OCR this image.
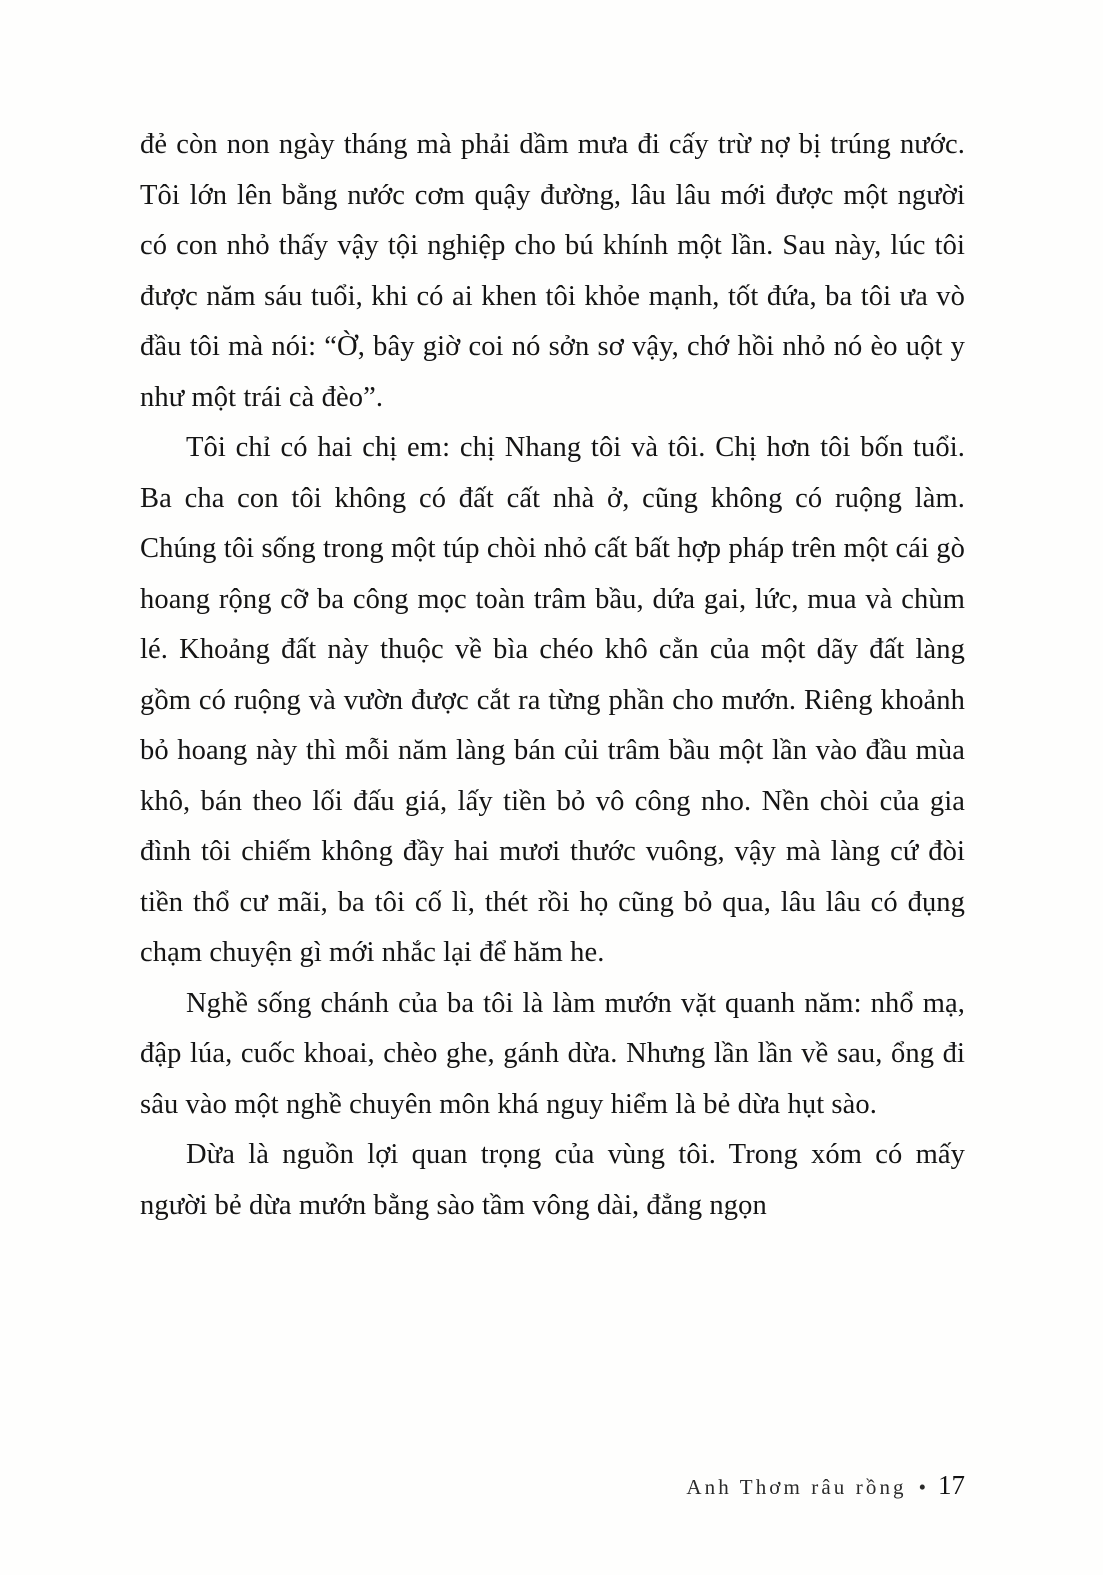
đẻ còn non ngày tháng mà phải dầm mưa đi cấy trừ nợ bị trúng nước. Tôi lớn lên bằng nước cơm quậy đường, lâu lâu mới được một người có con nhỏ thấy vậy tội nghiệp cho bú khính một lần. Sau này, lúc tôi được năm sáu tuổi, khi có ai khen tôi khỏe mạnh, tốt đứa, ba tôi ưa vò đầu tôi mà nói: “Ờ, bây giờ coi nó sởn sơ vậy, chớ hồi nhỏ nó èo uột y như một trái cà đèo”.

Tôi chỉ có hai chị em: chị Nhang tôi và tôi. Chị hơn tôi bốn tuổi. Ba cha con tôi không có đất cất nhà ở, cũng không có ruộng làm. Chúng tôi sống trong một túp chòi nhỏ cất bất hợp pháp trên một cái gò hoang rộng cỡ ba công mọc toàn trâm bầu, dứa gai, lức, mua và chùm lé. Khoảng đất này thuộc về bìa chéo khô cằn của một dãy đất làng gồm có ruộng và vườn được cắt ra từng phần cho mướn. Riêng khoảnh bỏ hoang này thì mỗi năm làng bán củi trâm bầu một lần vào đầu mùa khô, bán theo lối đấu giá, lấy tiền bỏ vô công nho. Nền chòi của gia đình tôi chiếm không đầy hai mươi thước vuông, vậy mà làng cứ đòi tiền thổ cư mãi, ba tôi cố lì, thét rồi họ cũng bỏ qua, lâu lâu có đụng chạm chuyện gì mới nhắc lại để hăm he.

Nghề sống chánh của ba tôi là làm mướn vặt quanh năm: nhổ mạ, đập lúa, cuốc khoai, chèo ghe, gánh dừa. Nhưng lần lần về sau, ổng đi sâu vào một nghề chuyên môn khá nguy hiểm là bẻ dừa hụt sào.

Dừa là nguồn lợi quan trọng của vùng tôi. Trong xóm có mấy người bẻ dừa mướn bằng sào tầm vông dài, đẳng ngọn

Anh Thơm râu rồng • 17
